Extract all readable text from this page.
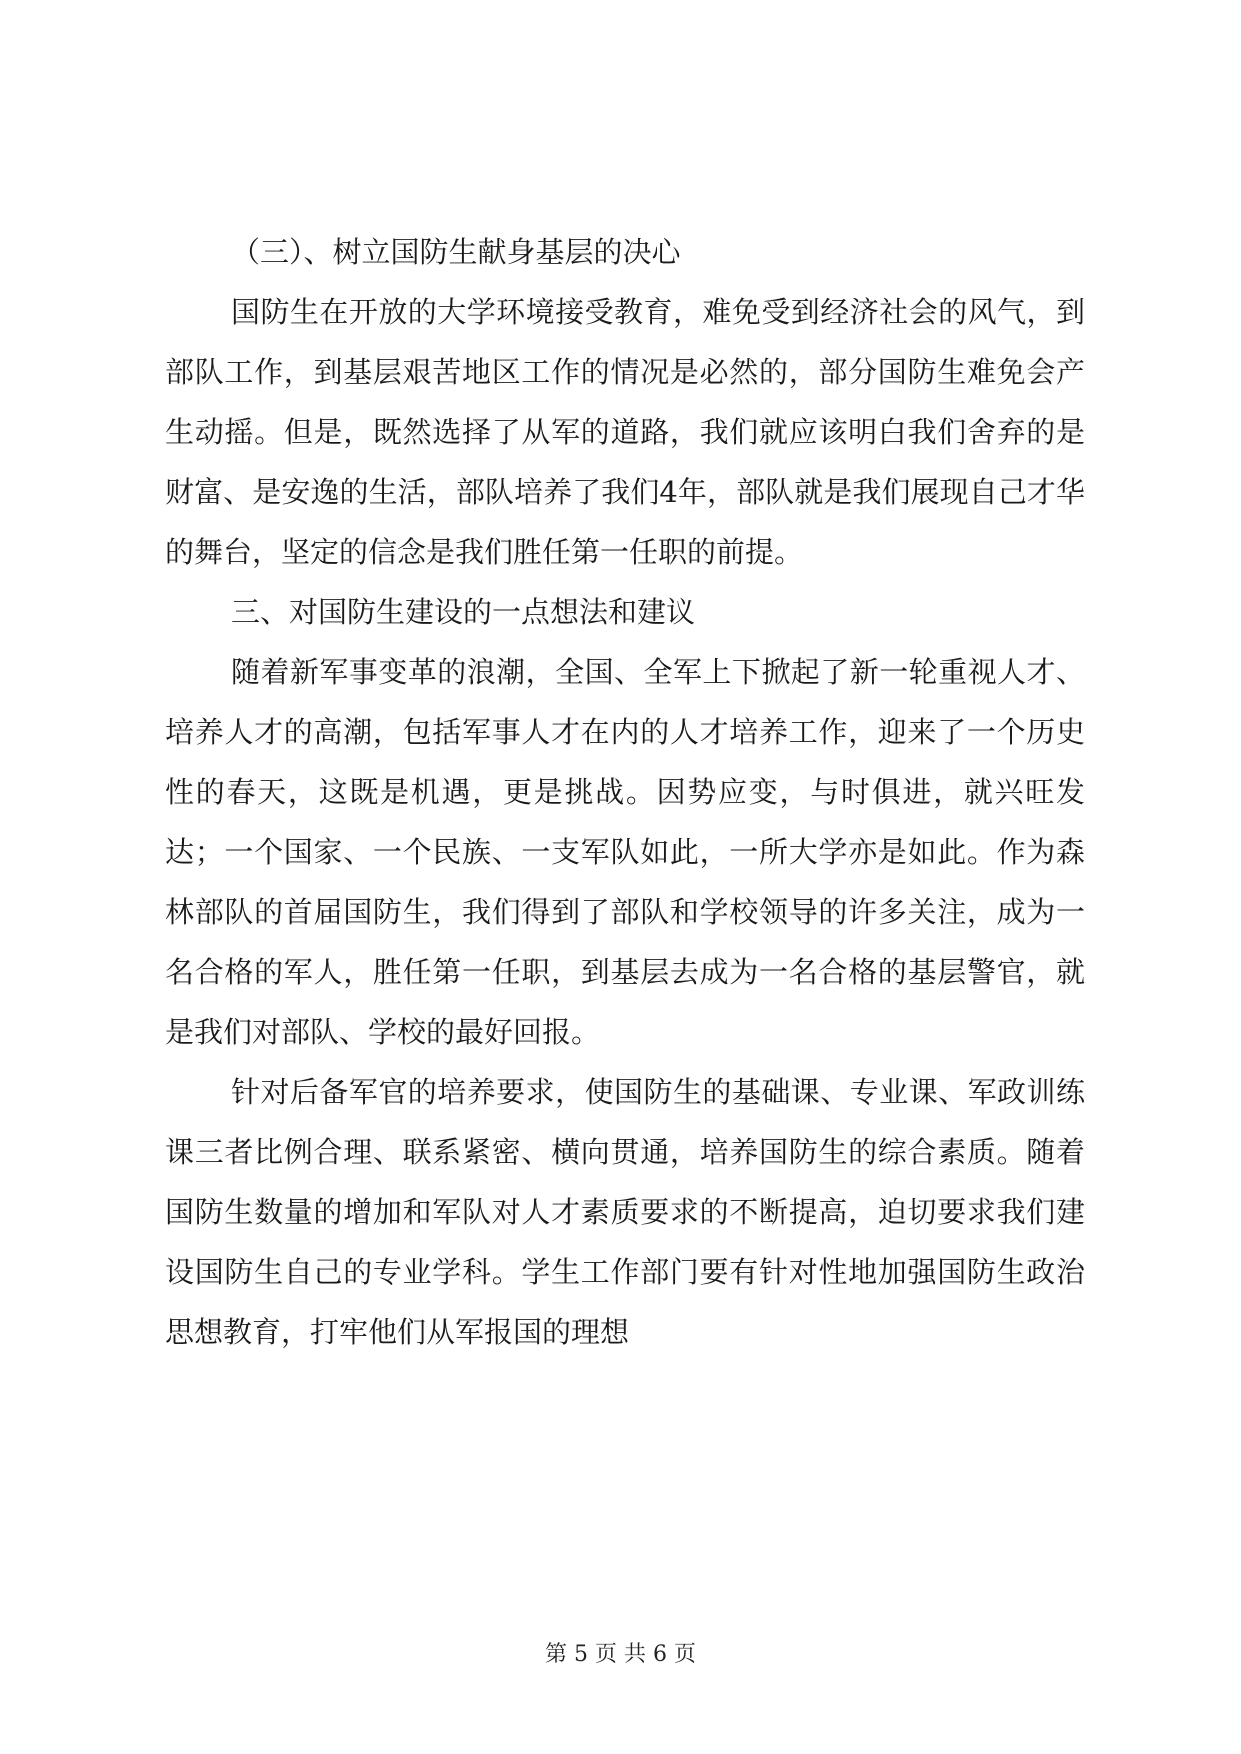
（三）、树立国防生献身基层的决心

国防生在开放的大学环境接受教育，难免受到经济社会的风气，到部队工作，到基层艰苦地区工作的情况是必然的，部分国防生难免会产生动摇。但是，既然选择了从军的道路，我们就应该明白我们舍弃的是财富、是安逸的生活，部队培养了我们4年，部队就是我们展现自己才华的舞台，坚定的信念是我们胜任第一任职的前提。

三、对国防生建设的一点想法和建议

随着新军事变革的浪潮，全国、全军上下掀起了新一轮重视人才、培养人才的高潮，包括军事人才在内的人才培养工作，迎来了一个历史性的春天，这既是机遇，更是挑战。因势应变，与时俱进，就兴旺发达；一个国家、一个民族、一支军队如此，一所大学亦是如此。作为森林部队的首届国防生，我们得到了部队和学校领导的许多关注，成为一名合格的军人，胜任第一任职，到基层去成为一名合格的基层警官，就是我们对部队、学校的最好回报。

针对后备军官的培养要求，使国防生的基础课、专业课、军政训练课三者比例合理、联系紧密、横向贯通，培养国防生的综合素质。随着国防生数量的增加和军队对人才素质要求的不断提高，迫切要求我们建设国防生自己的专业学科。学生工作部门要有针对性地加强国防生政治思想教育，打牢他们从军报国的理想

第 5 页 共 6 页
